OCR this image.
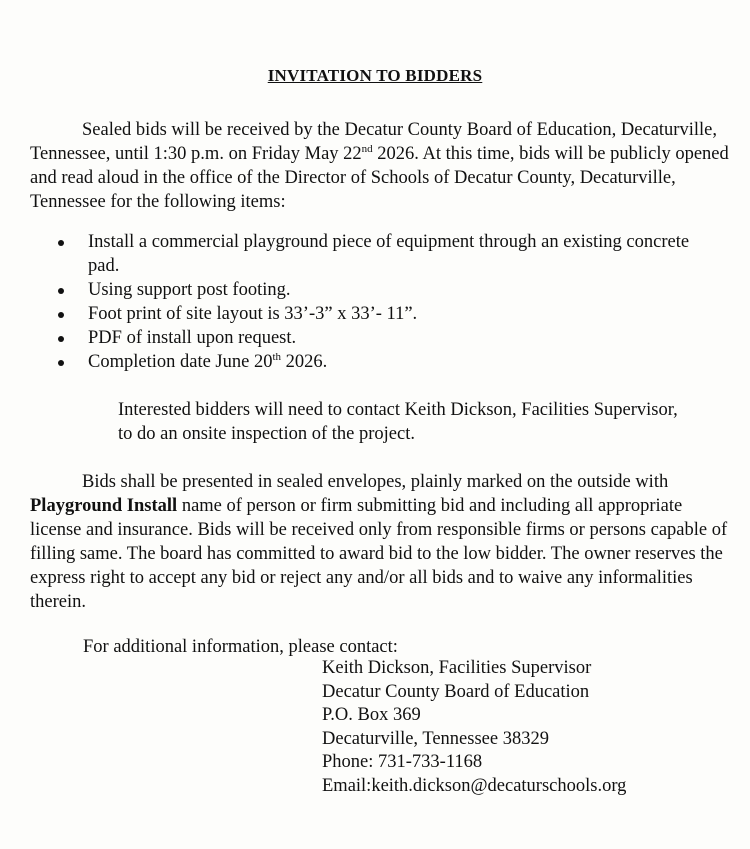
INVITATION TO BIDDERS
Sealed bids will be received by the Decatur County Board of Education, Decaturville, Tennessee, until 1:30 p.m. on Friday May 22nd 2026. At this time, bids will be publicly opened and read aloud in the office of the Director of Schools of Decatur County, Decaturville, Tennessee for the following items:
Install a commercial playground piece of equipment through an existing concrete pad.
Using support post footing.
Foot print of site layout is 33’-3” x 33’- 11”.
PDF of install upon request.
Completion date June 20th 2026.
Interested bidders will need to contact Keith Dickson, Facilities Supervisor, to do an onsite inspection of the project.
Bids shall be presented in sealed envelopes, plainly marked on the outside with Playground Install name of person or firm submitting bid and including all appropriate license and insurance. Bids will be received only from responsible firms or persons capable of filling same. The board has committed to award bid to the low bidder. The owner reserves the express right to accept any bid or reject any and/or all bids and to waive any informalities therein.
For additional information, please contact:
Keith Dickson, Facilities Supervisor
Decatur County Board of Education
P.O. Box 369
Decaturville, Tennessee 38329
Phone: 731-733-1168
Email:keith.dickson@decaturschools.org
